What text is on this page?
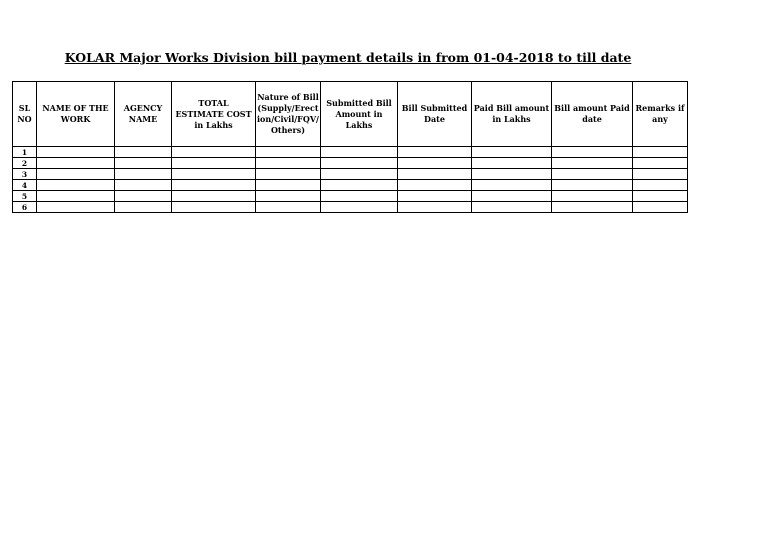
KOLAR Major Works Division bill payment details in from 01-04-2018 to till date
SL NO	NAME OF THE WORK	AGENCY NAME	TOTAL ESTIMATE COST in Lakhs	Nature of Bill (Supply/Erection/Civil/FQV/Others)	Submitted Bill Amount in Lakhs	Bill Submitted Date	Paid Bill amount in Lakhs	Bill amount Paid date	Remarks if any
1									
2									
3									
4									
5									
6									
